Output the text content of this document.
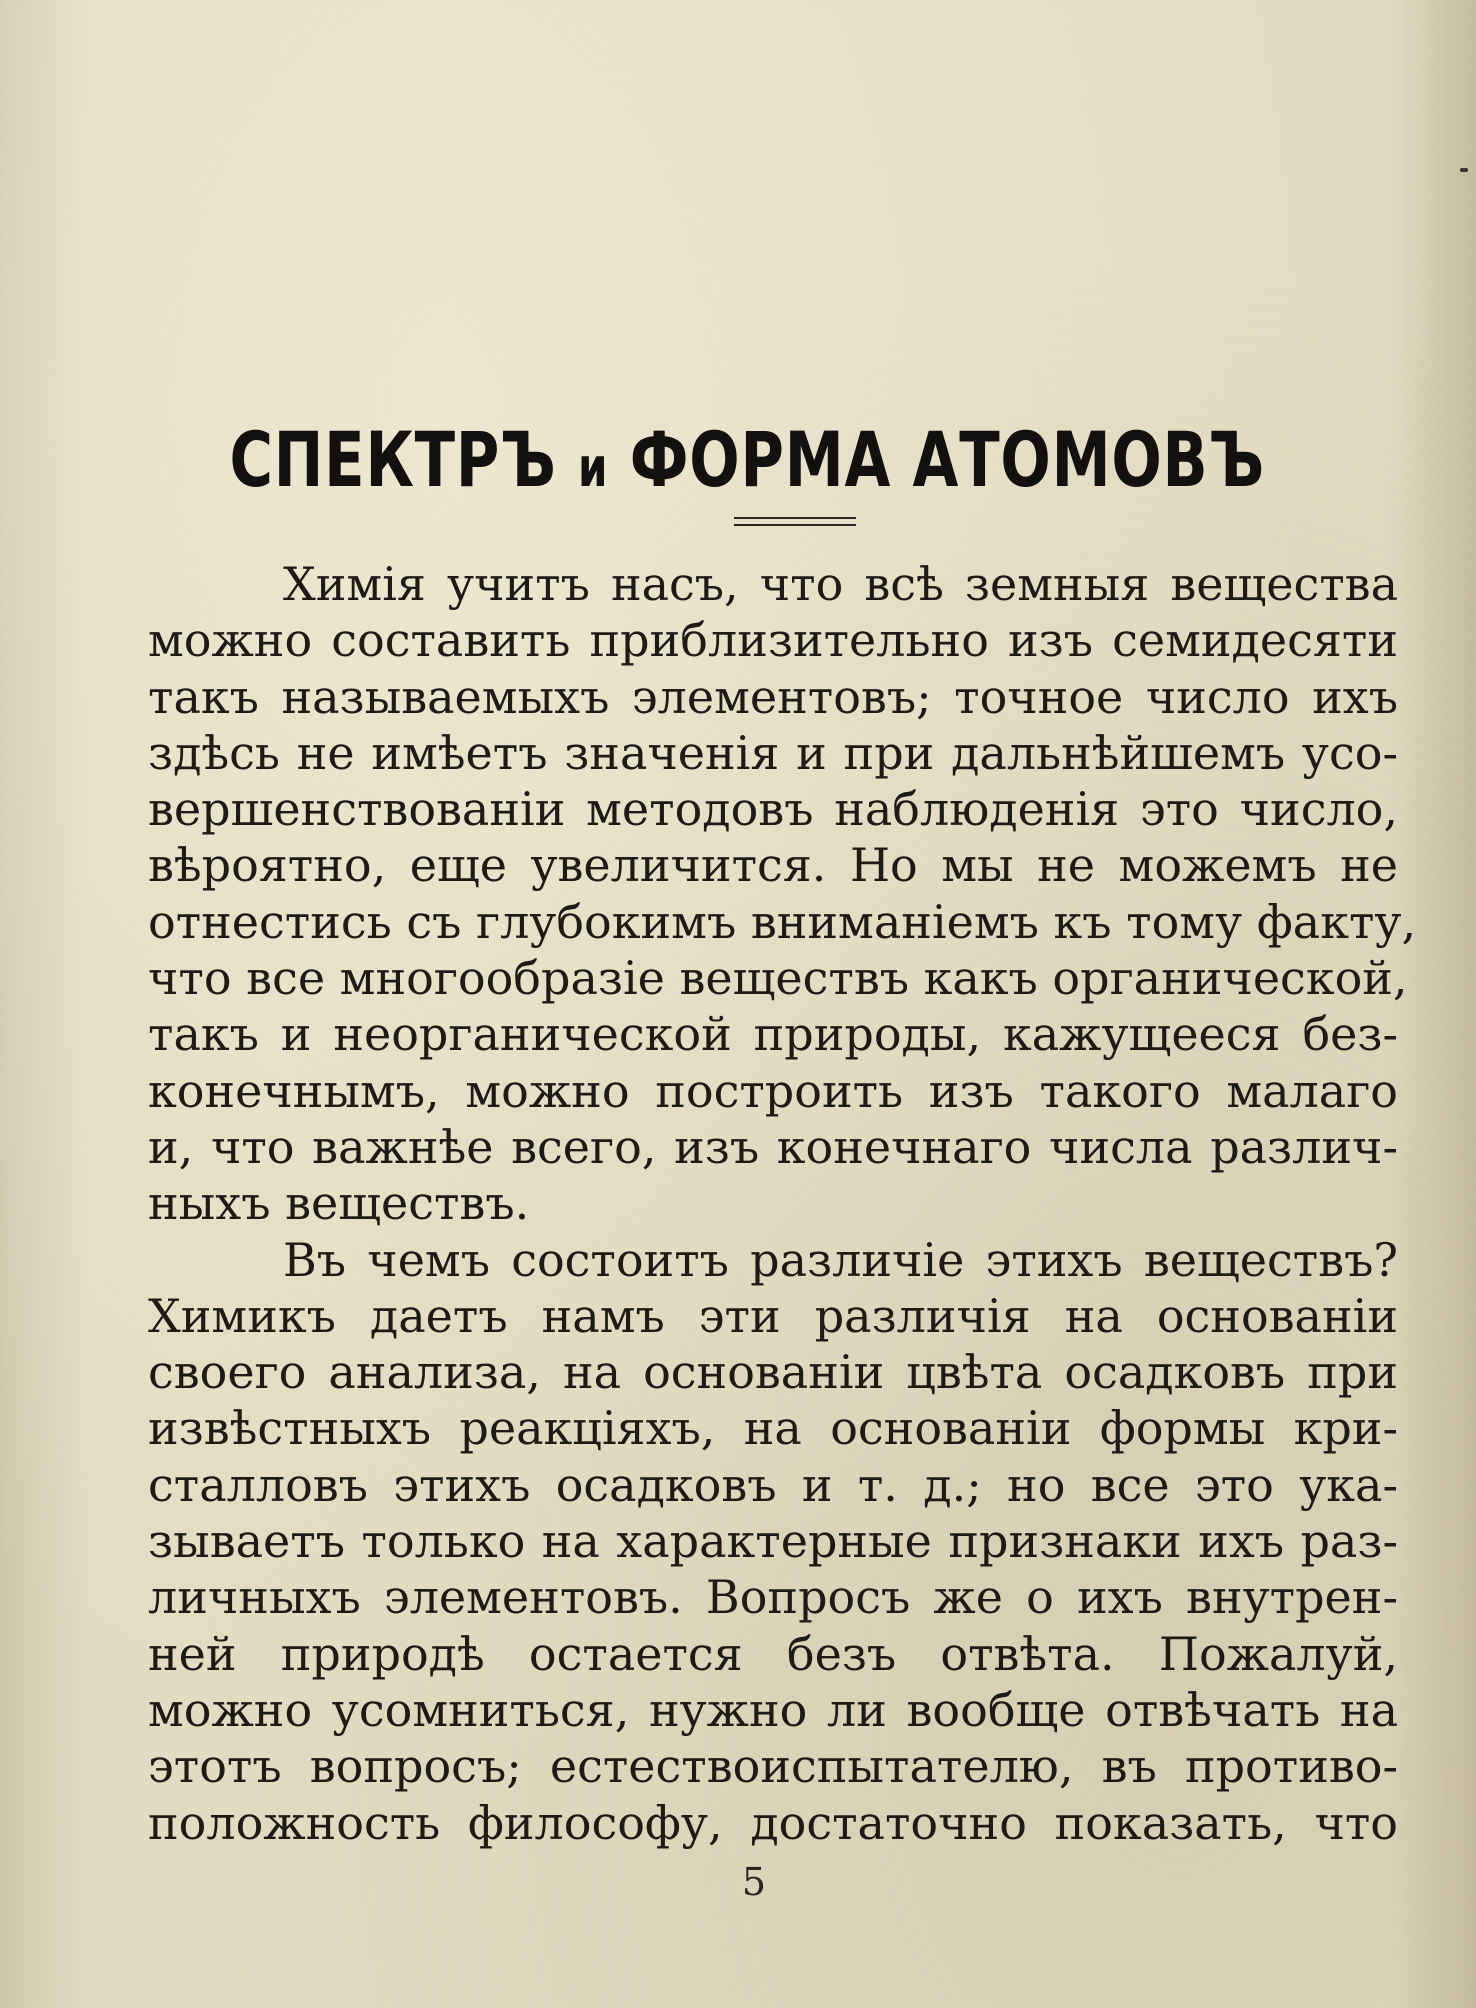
СПЕКТРЪ и ФОРМА АТОМОВЪ
Химія учитъ насъ, что всѣ земныя вещества
можно составить приблизительно изъ семидесяти
такъ называемыхъ элементовъ; точное число ихъ
здѣсь не имѣетъ значенія и при дальнѣйшемъ усо-
вершенствованіи методовъ наблюденія это число,
вѣроятно, еще увеличится. Но мы не можемъ не
отнестись съ глубокимъ вниманіемъ къ тому факту,
что все многообразіе веществъ какъ органической,
такъ и неорганической природы, кажущееся без-
конечнымъ, можно построить изъ такого малаго
и, что важнѣе всего, изъ конечнаго числа различ-
ныхъ веществъ.
Въ чемъ состоитъ различіе этихъ веществъ?
Химикъ даетъ намъ эти различія на основаніи
своего анализа, на основаніи цвѣта осадковъ при
извѣстныхъ реакціяхъ, на основаніи формы кри-
сталловъ этихъ осадковъ и т. д.; но все это ука-
зываетъ только на характерные признаки ихъ раз-
личныхъ элементовъ. Вопросъ же о ихъ внутрен-
ней природѣ остается безъ отвѣта. Пожалуй,
можно усомниться, нужно ли вообще отвѣчать на
этотъ вопросъ; естествоиспытателю, въ противо-
положность философу, достаточно показать, что
5
